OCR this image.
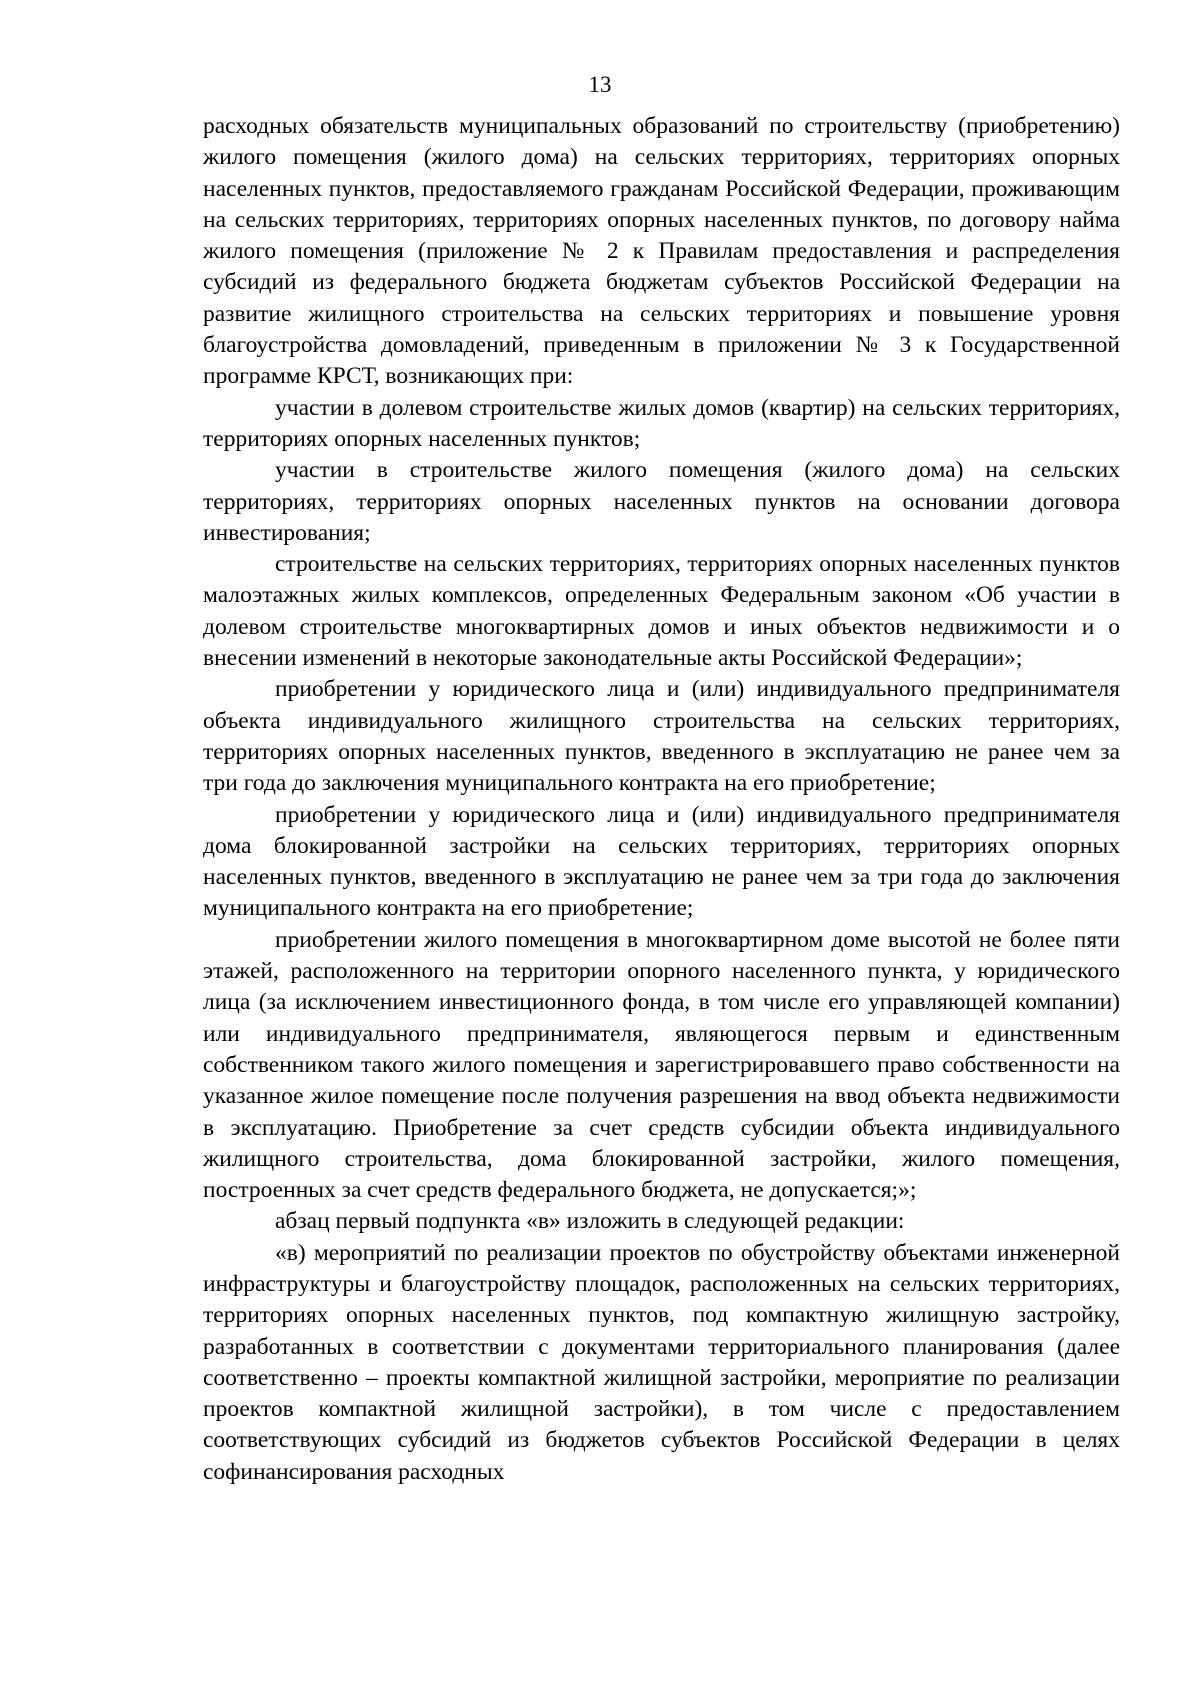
13

расходных обязательств муниципальных образований по строительству (приобретению) жилого помещения (жилого дома) на сельских территориях, территориях опорных населенных пунктов, предоставляемого гражданам Российской Федерации, проживающим на сельских территориях, территориях опорных населенных пунктов, по договору найма жилого помещения (приложение № 2 к Правилам предоставления и распределения субсидий из федерального бюджета бюджетам субъектов Российской Федерации на развитие жилищного строительства на сельских территориях и повышение уровня благоустройства домовладений, приведенным в приложении № 3 к Государственной программе КРСТ, возникающих при:

участии в долевом строительстве жилых домов (квартир) на сельских территориях, территориях опорных населенных пунктов;

участии в строительстве жилого помещения (жилого дома) на сельских территориях, территориях опорных населенных пунктов на основании договора инвестирования;

строительстве на сельских территориях, территориях опорных населенных пунктов малоэтажных жилых комплексов, определенных Федеральным законом «Об участии в долевом строительстве многоквартирных домов и иных объектов недвижимости и о внесении изменений в некоторые законодательные акты Российской Федерации»;

приобретении у юридического лица и (или) индивидуального предпринимателя объекта индивидуального жилищного строительства на сельских территориях, территориях опорных населенных пунктов, введенного в эксплуатацию не ранее чем за три года до заключения муниципального контракта на его приобретение;

приобретении у юридического лица и (или) индивидуального предпринимателя дома блокированной застройки на сельских территориях, территориях опорных населенных пунктов, введенного в эксплуатацию не ранее чем за три года до заключения муниципального контракта на его приобретение;

приобретении жилого помещения в многоквартирном доме высотой не более пяти этажей, расположенного на территории опорного населенного пункта, у юридического лица (за исключением инвестиционного фонда, в том числе его управляющей компании) или индивидуального предпринимателя, являющегося первым и единственным собственником такого жилого помещения и зарегистрировавшего право собственности на указанное жилое помещение после получения разрешения на ввод объекта недвижимости в эксплуатацию. Приобретение за счет средств субсидии объекта индивидуального жилищного строительства, дома блокированной застройки, жилого помещения, построенных за счет средств федерального бюджета, не допускается;»;

абзац первый подпункта «в» изложить в следующей редакции:

«в) мероприятий по реализации проектов по обустройству объектами инженерной инфраструктуры и благоустройству площадок, расположенных на сельских территориях, территориях опорных населенных пунктов, под компактную жилищную застройку, разработанных в соответствии с документами территориального планирования (далее соответственно – проекты компактной жилищной застройки, мероприятие по реализации проектов компактной жилищной застройки), в том числе с предоставлением соответствующих субсидий из бюджетов субъектов Российской Федерации в целях софинансирования расходных
